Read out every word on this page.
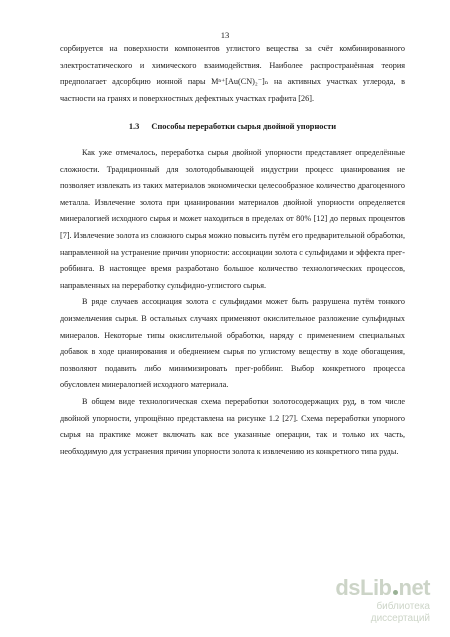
13

сорбируется на поверхности компонентов углистого вещества за счёт комбинированного электростатического и химического взаимодействия. Наиболее распространённая теория предполагает адсорбцию ионной пары Mⁿ⁺[Au(CN)₂⁻]ₙ на активных участках углерода, в частности на гранях и поверхностных дефектных участках графита [26].

1.3 Способы переработки сырья двойной упорности

Как уже отмечалось, переработка сырья двойной упорности представляет определённые сложности. Традиционный для золотодобывающей индустрии процесс цианирования не позволяет извлекать из таких материалов экономически целесообразное количество драгоценного металла. Извлечение золота при цианировании материалов двойной упорности определяется минералогией исходного сырья и может находиться в пределах от 80% [12] до первых процентов [7]. Извлечение золота из сложного сырья можно повысить путём его предварительной обработки, направленной на устранение причин упорности: ассоциации золота с сульфидами и эффекта прег-роббинга. В настоящее время разработано большое количество технологических процессов, направленных на переработку сульфидно-углистого сырья.

В ряде случаев ассоциация золота с сульфидами может быть разрушена путём тонкого доизмельчения сырья. В остальных случаях применяют окислительное разложение сульфидных минералов. Некоторые типы окислительной обработки, наряду с применением специальных добавок в ходе цианирования и обеднением сырья по углистому веществу в ходе обогащения, позволяют подавить либо минимизировать прег-роббинг. Выбор конкретного процесса обусловлен минералогией исходного материала.

В общем виде технологическая схема переработки золотосодержащих руд, в том числе двойной упорности, упрощённо представлена на рисунке 1.2 [27]. Схема переработки упорного сырья на практике может включать как все указанные операции, так и только их часть, необходимую для устранения причин упорности золота к извлечению из конкретного типа руды.

dsLib net
библиотека диссертаций
